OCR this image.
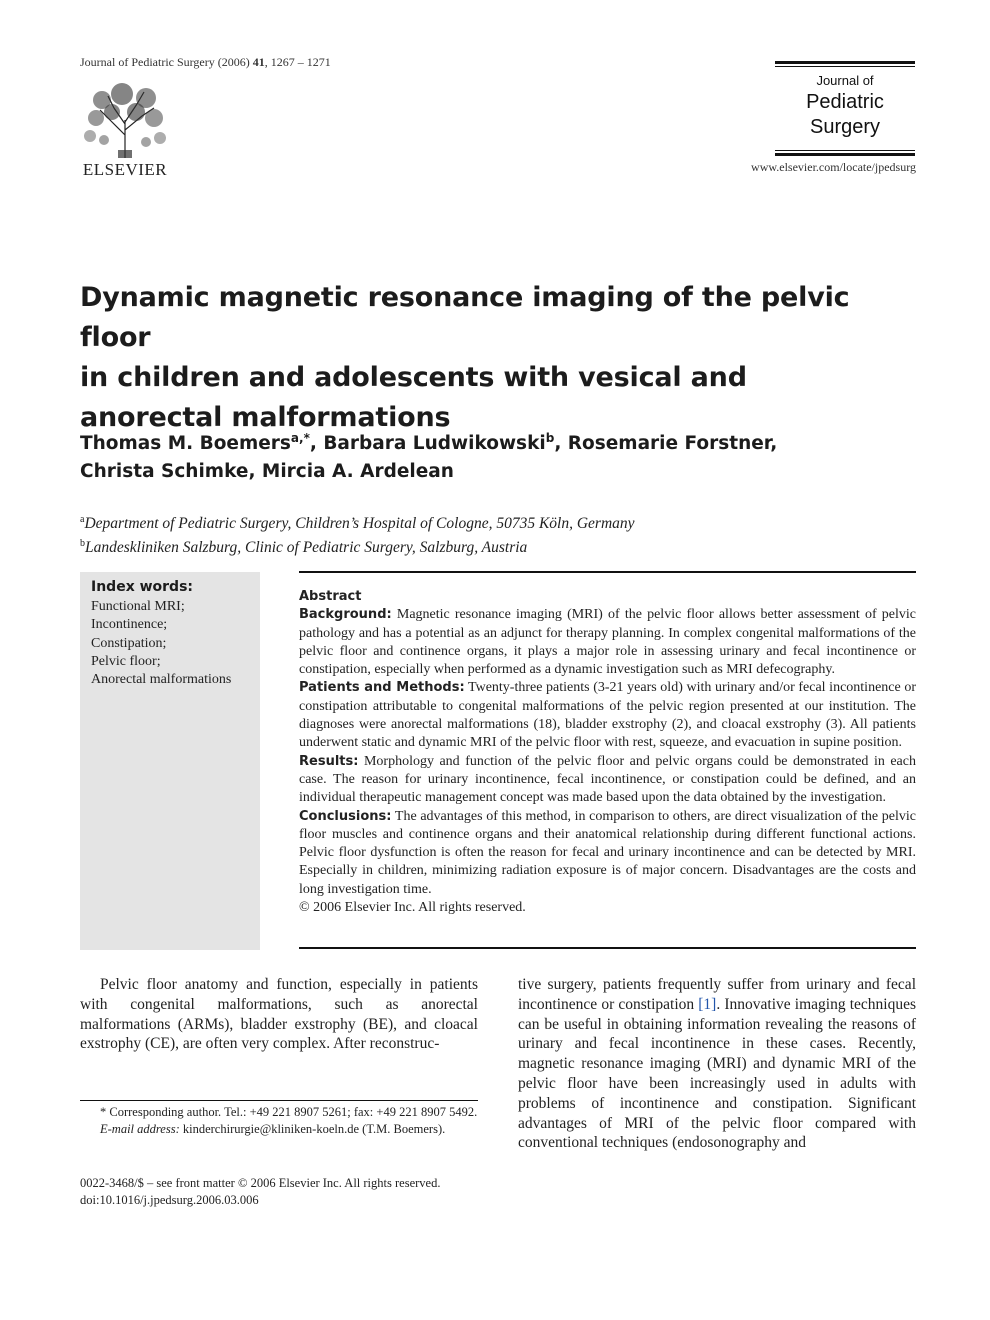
Journal of Pediatric Surgery (2006) 41, 1267 – 1271
ELSEVIER
Journal of
Pediatric
Surgery
www.elsevier.com/locate/jpedsurg
Dynamic magnetic resonance imaging of the pelvic floor
in children and adolescents with vesical and
anorectal malformations
Thomas M. Boemers$^{a,*}$, Barbara Ludwikowski$^b$, Rosemarie Forstner,
Christa Schimke, Mircia A. Ardelean
$^a$Department of Pediatric Surgery, Children’s Hospital of Cologne, 50735 Köln, Germany
$^b$Landeskliniken Salzburg, Clinic of Pediatric Surgery, Salzburg, Austria
Index words:
Functional MRI;
Incontinence;
Constipation;
Pelvic floor;
Anorectal malformations

Abstract

Background: Magnetic resonance imaging (MRI) of the pelvic floor allows better assessment of pelvic pathology and has a potential as an adjunct for therapy planning. In complex congenital malformations of the pelvic floor and continence organs, it plays a major role in assessing urinary and fecal incontinence or constipation, especially when performed as a dynamic investigation such as MRI defecography.

Patients and Methods: Twenty-three patients (3-21 years old) with urinary and/or fecal incontinence or constipation attributable to congenital malformations of the pelvic region presented at our institution. The diagnoses were anorectal malformations (18), bladder exstrophy (2), and cloacal exstrophy (3). All patients underwent static and dynamic MRI of the pelvic floor with rest, squeeze, and evacuation in supine position.

Results: Morphology and function of the pelvic floor and pelvic organs could be demonstrated in each case. The reason for urinary incontinence, fecal incontinence, or constipation could be defined, and an individual therapeutic management concept was made based upon the data obtained by the investigation.

Conclusions: The advantages of this method, in comparison to others, are direct visualization of the pelvic floor muscles and continence organs and their anatomical relationship during different functional actions. Pelvic floor dysfunction is often the reason for fecal and urinary incontinence and can be detected by MRI. Especially in children, minimizing radiation exposure is of major concern. Disadvantages are the costs and long investigation time.

© 2006 Elsevier Inc. All rights reserved.

Pelvic floor anatomy and function, especially in patients with congenital malformations, such as anorectal malformations (ARMs), bladder exstrophy (BE), and cloacal exstrophy (CE), are often very complex. After reconstruc-

tive surgery, patients frequently suffer from urinary and fecal incontinence or constipation [1]. Innovative imaging techniques can be useful in obtaining information revealing the reasons of urinary and fecal incontinence in these cases. Recently, magnetic resonance imaging (MRI) and dynamic MRI of the pelvic floor have been increasingly used in adults with problems of incontinence and constipation. Significant advantages of MRI of the pelvic floor compared with conventional techniques (endosonography and

* Corresponding author. Tel.: +49 221 8907 5261; fax: +49 221 8907 5492.

E-mail address: kinderchirurgie@kliniken-koeln.de (T.M. Boemers).

0022-3468/$ – see front matter © 2006 Elsevier Inc. All rights reserved.
doi:10.1016/j.jpedsurg.2006.03.006
